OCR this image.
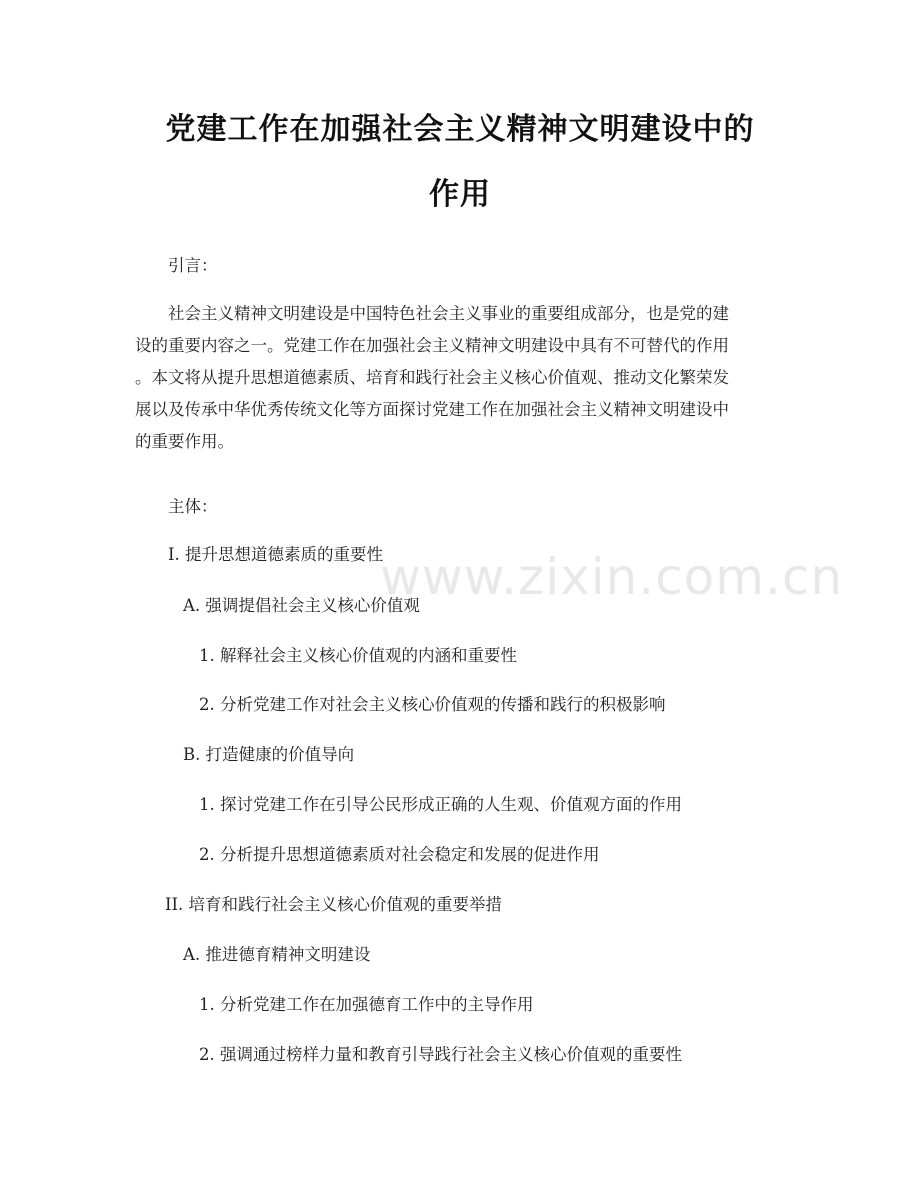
党建工作在加强社会主义精神文明建设中的
作用
引言：

社会主义精神文明建设是中国特色社会主义事业的重要组成部分，也是党的建

设的重要内容之一。党建工作在加强社会主义精神文明建设中具有不可替代的作用

。本文将从提升思想道德素质、培育和践行社会主义核心价值观、推动文化繁荣发

展以及传承中华优秀传统文化等方面探讨党建工作在加强社会主义精神文明建设中

的重要作用。

主体：
I. 提升思想道德素质的重要性
A. 强调提倡社会主义核心价值观
1. 解释社会主义核心价值观的内涵和重要性
2. 分析党建工作对社会主义核心价值观的传播和践行的积极影响
B. 打造健康的价值导向
1. 探讨党建工作在引导公民形成正确的人生观、价值观方面的作用
2. 分析提升思想道德素质对社会稳定和发展的促进作用
II. 培育和践行社会主义核心价值观的重要举措
A. 推进德育精神文明建设
1. 分析党建工作在加强德育工作中的主导作用
2. 强调通过榜样力量和教育引导践行社会主义核心价值观的重要性
www.zixin.com.cn
